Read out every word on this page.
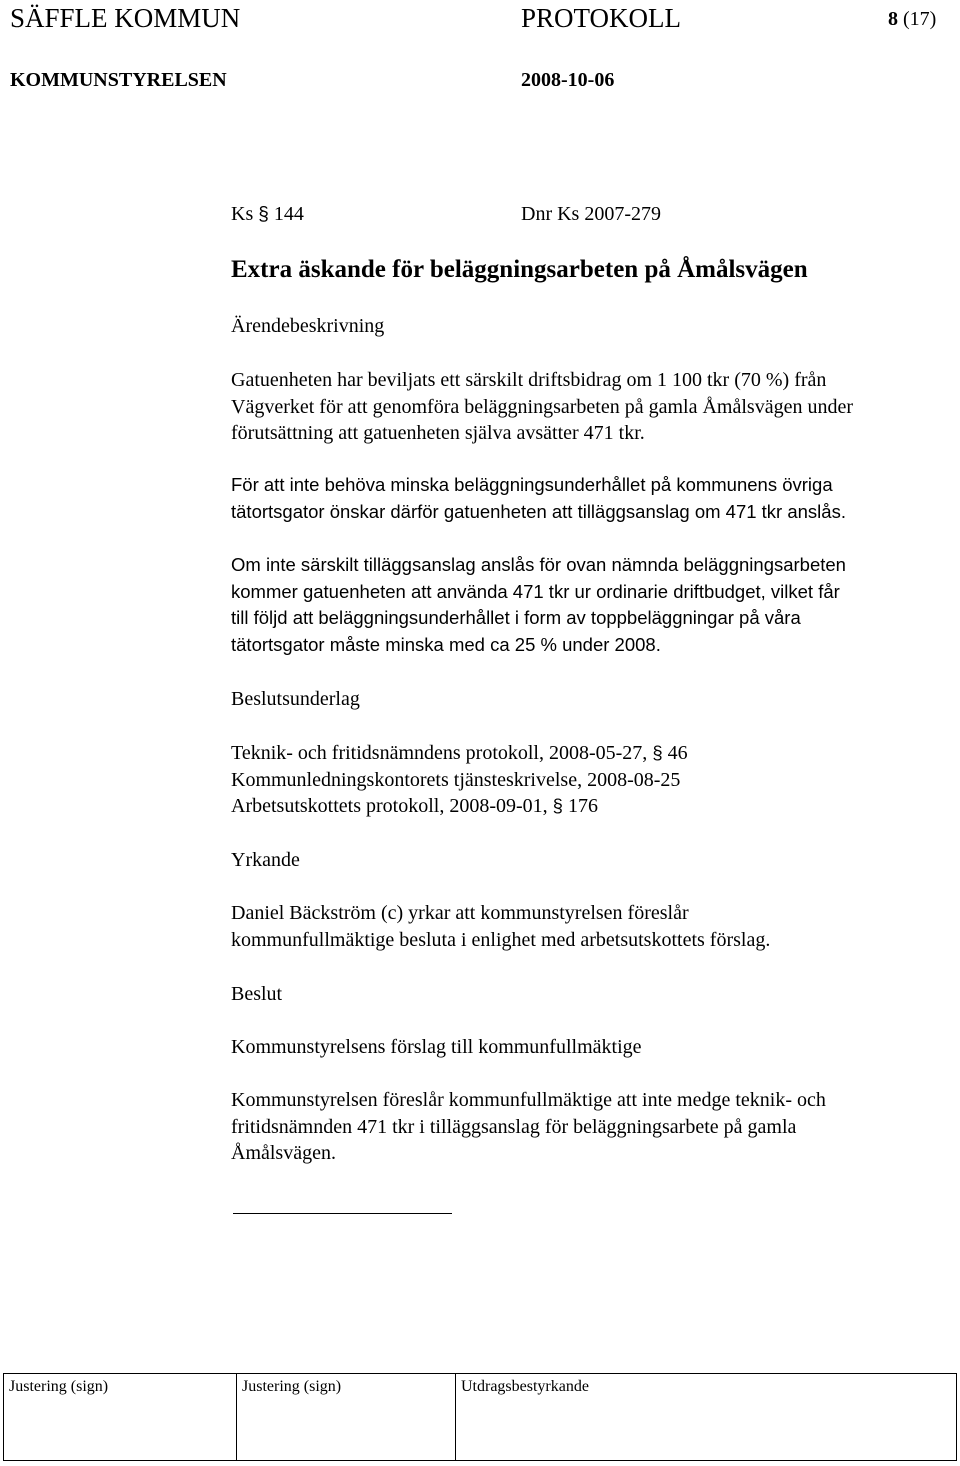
SÄFFLE KOMMUN	PROTOKOLL	8 (17)
KOMMUNSTYRELSEN	2008-10-06
Ks § 144	Dnr Ks 2007-279
Extra äskande för beläggningsarbeten på Åmålsvägen
Ärendebeskrivning
Gatuenheten har beviljats ett särskilt driftsbidrag om 1 100 tkr (70 %) från
Vägverket för att genomföra beläggningsarbeten på gamla Åmålsvägen under
förutsättning att gatuenheten själva avsätter 471 tkr.
För att inte behöva minska beläggningsunderhållet på kommunens övriga
tätortsgator önskar därför gatuenheten att tilläggsanslag om 471 tkr anslås.
Om inte särskilt tilläggsanslag anslås för ovan nämnda beläggningsarbeten
kommer gatuenheten att använda 471 tkr ur ordinarie driftbudget, vilket får
till följd att beläggningsunderhållet i form av toppbeläggningar på våra
tätortsgator måste minska med ca 25 % under 2008.
Beslutsunderlag
Teknik- och fritidsnämndens protokoll, 2008-05-27, § 46
Kommunledningskontorets tjänsteskrivelse, 2008-08-25
Arbetsutskottets protokoll, 2008-09-01, § 176
Yrkande
Daniel Bäckström (c) yrkar att kommunstyrelsen föreslår
kommunfullmäktige besluta i enlighet med arbetsutskottets förslag.
Beslut
Kommunstyrelsens förslag till kommunfullmäktige
Kommunstyrelsen föreslår kommunfullmäktige att inte medge teknik- och
fritidsnämnden 471 tkr i tilläggsanslag för beläggningsarbete på gamla
Åmålsvägen.
Justering (sign)	Justering (sign)	Utdragsbestyrkande
